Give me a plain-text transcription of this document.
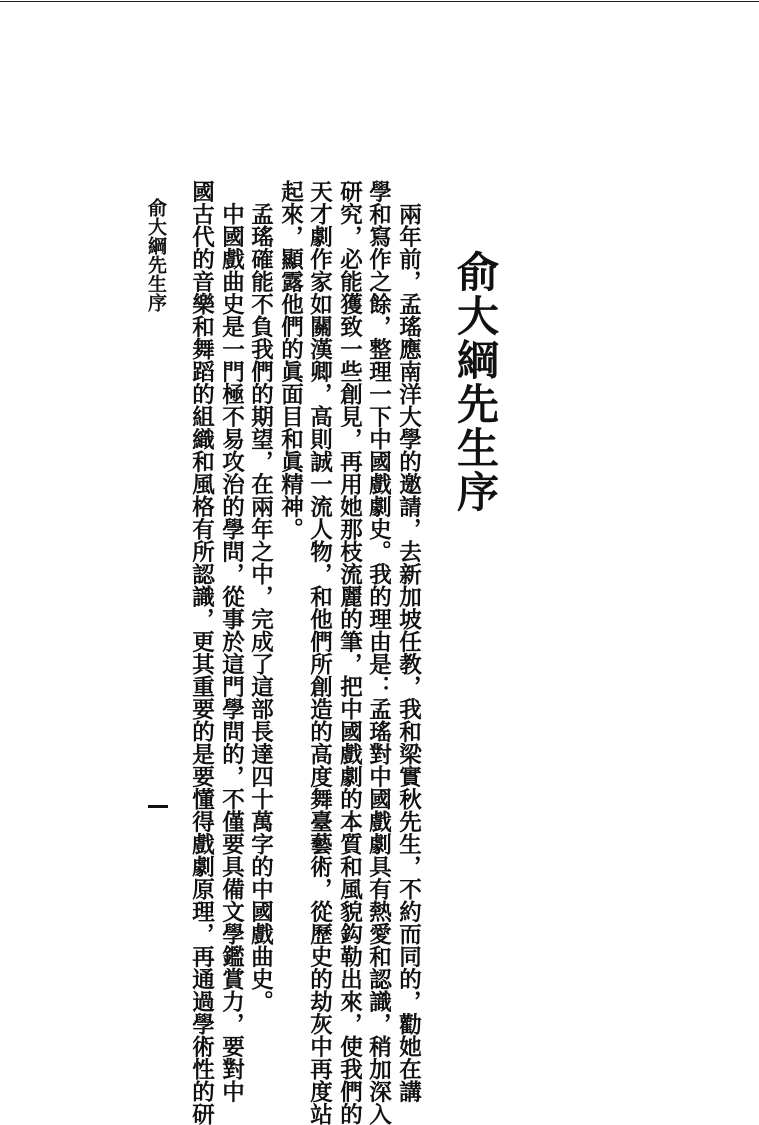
俞大綱先生序
　兩年前，孟瑤應南洋大學的邀請，去新加坡任教，我和梁實秋先生，不約而同的，勸她在講
學和寫作之餘，整理一下中國戲劇史。我的理由是：孟瑤對中國戲劇具有熱愛和認識，稍加深入
研究，必能獲致一些創見，再用她那枝流麗的筆，把中國戲劇的本質和風貌鈎勒出來，使我們的
天才劇作家如關漢卿，高則誠一流人物，和他們所創造的高度舞臺藝術，從歷史的劫灰中再度站
起來，顯露他們的眞面目和眞精神。
　孟瑤確能不負我們的期望，在兩年之中，完成了這部長達四十萬字的中國戲曲史。
　中國戲曲史是一門極不易攻治的學問，從事於這門學問的，不僅要具備文學鑑賞力，要對中
國古代的音樂和舞蹈的組織和風格有所認識，更其重要的是要懂得戲劇原理，再通過學術性的研
俞大綱先生序
